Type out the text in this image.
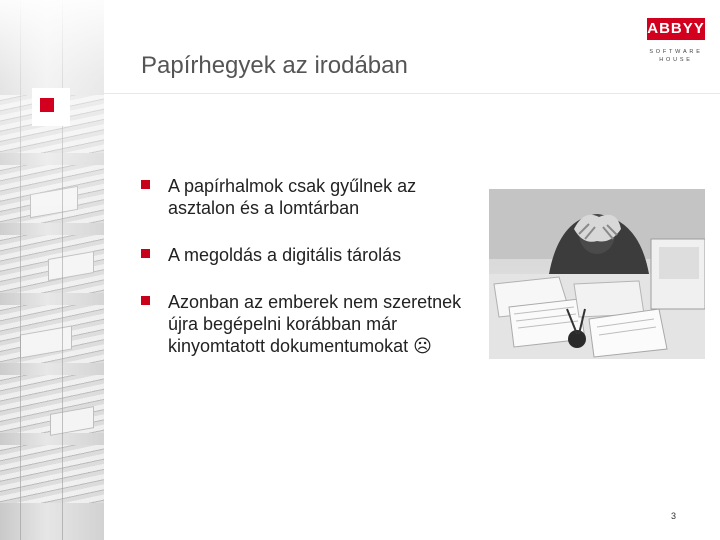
Papírhegyek az irodában
ABBYY
SOFTWARE
HOUSE
A papírhalmok csak gyűlnek az asztalon és a lomtárban
A megoldás a digitális tárolás
Azonban az emberek nem szeretnek újra begépelni korábban már kinyomtatott dokumentumokat ☹
3
